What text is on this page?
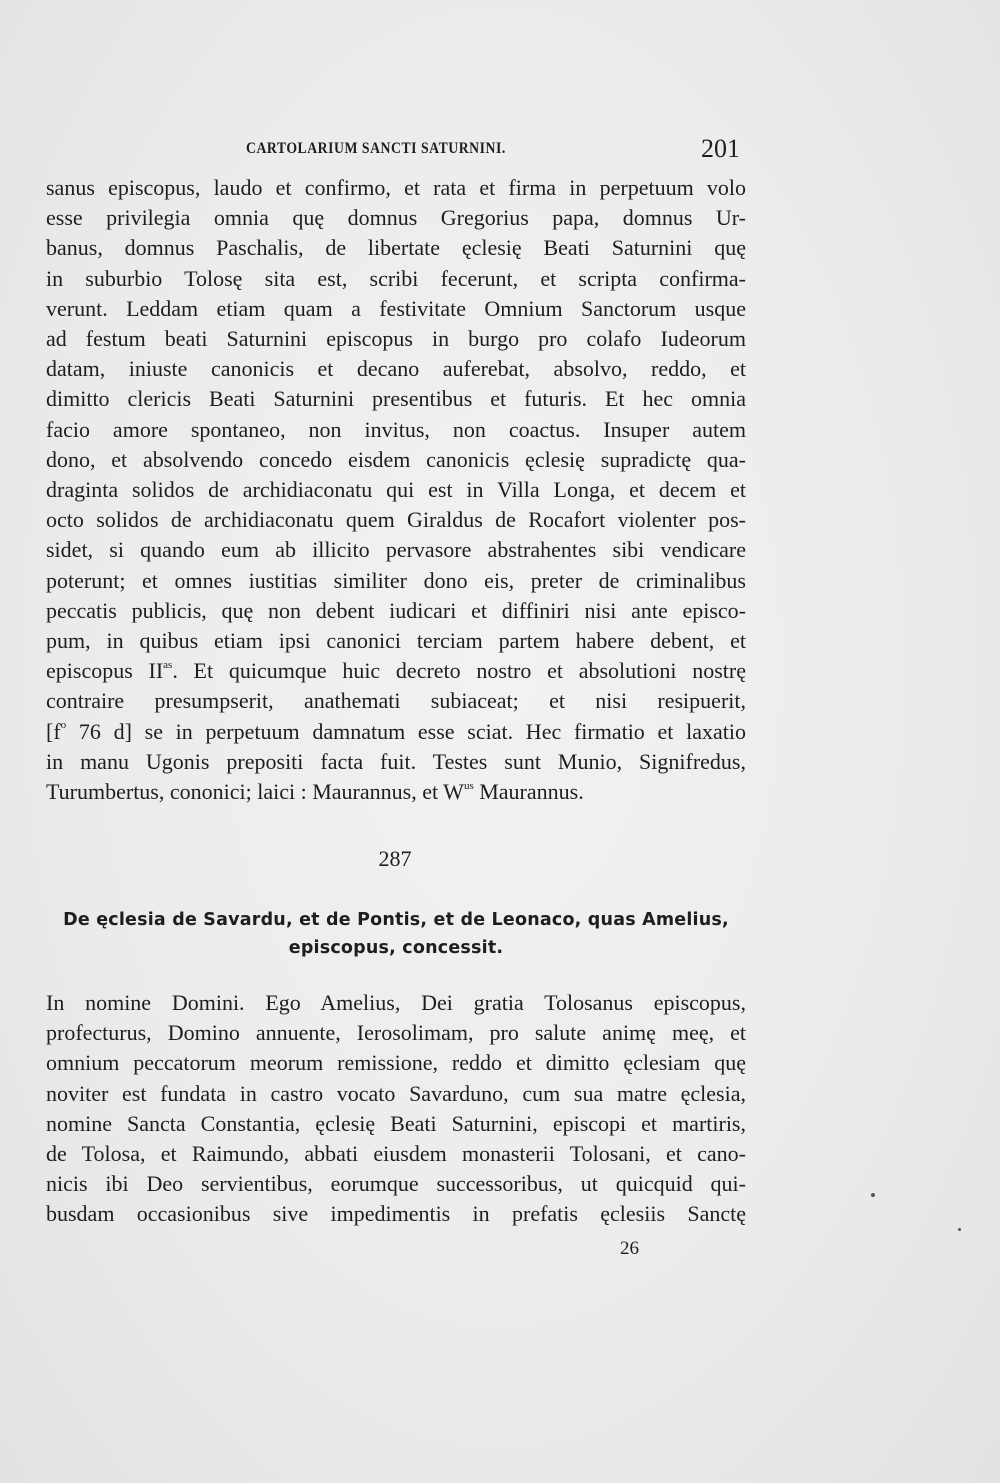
CARTOLARIUM SANCTI SATURNINI.	201
sanus episcopus, laudo et confirmo, et rata et firma in perpetuum volo
esse privilegia omnia quę domnus Gregorius papa, domnus Ur-
banus, domnus Paschalis, de libertate ęclesię Beati Saturnini quę
in suburbio Tolosę sita est, scribi fecerunt, et scripta confirma-
verunt. Leddam etiam quam a festivitate Omnium Sanctorum usque
ad festum beati Saturnini episcopus in burgo pro colafo Iudeorum
datam, iniuste canonicis et decano auferebat, absolvo, reddo, et
dimitto clericis Beati Saturnini presentibus et futuris. Et hec omnia
facio amore spontaneo, non invitus, non coactus. Insuper autem
dono, et absolvendo concedo eisdem canonicis ęclesię supradictę qua-
draginta solidos de archidiaconatu qui est in Villa Longa, et decem et
octo solidos de archidiaconatu quem Giraldus de Rocafort violenter pos-
sidet, si quando eum ab illicito pervasore abstrahentes sibi vendicare
poterunt; et omnes iustitias similiter dono eis, preter de criminalibus
peccatis publicis, quę non debent iudicari et diffiniri nisi ante episco-
pum, in quibus etiam ipsi canonici terciam partem habere debent, et
episcopus $II^{as}$. Et quicumque huic decreto nostro et absolutioni nostrę
contraire presumpserit, anathemati subiaceat; et nisi resipuerit,
[$f^o$ 76 d] se in perpetuum damnatum esse sciat. Hec firmatio et laxatio
in manu Ugonis prepositi facta fuit. Testes sunt Munio, Signifredus,
Turumbertus, cononici; laici : Maurannus, et $W^{us}$ Maurannus.
287
De ęclesia de Savardu, et de Pontis, et de Leonaco, quas Amelius,
episcopus, concessit.
In nomine Domini. Ego Amelius, Dei gratia Tolosanus episcopus,
profecturus, Domino annuente, Ierosolimam, pro salute animę meę, et
omnium peccatorum meorum remissione, reddo et dimitto ęclesiam quę
noviter est fundata in castro vocato Savarduno, cum sua matre ęclesia,
nomine Sancta Constantia, ęclesię Beati Saturnini, episcopi et martiris,
de Tolosa, et Raimundo, abbati eiusdem monasterii Tolosani, et cano-
nicis ibi Deo servientibus, eorumque successoribus, ut quicquid qui-
busdam occasionibus sive impedimentis in prefatis ęclesiis Sanctę
26
